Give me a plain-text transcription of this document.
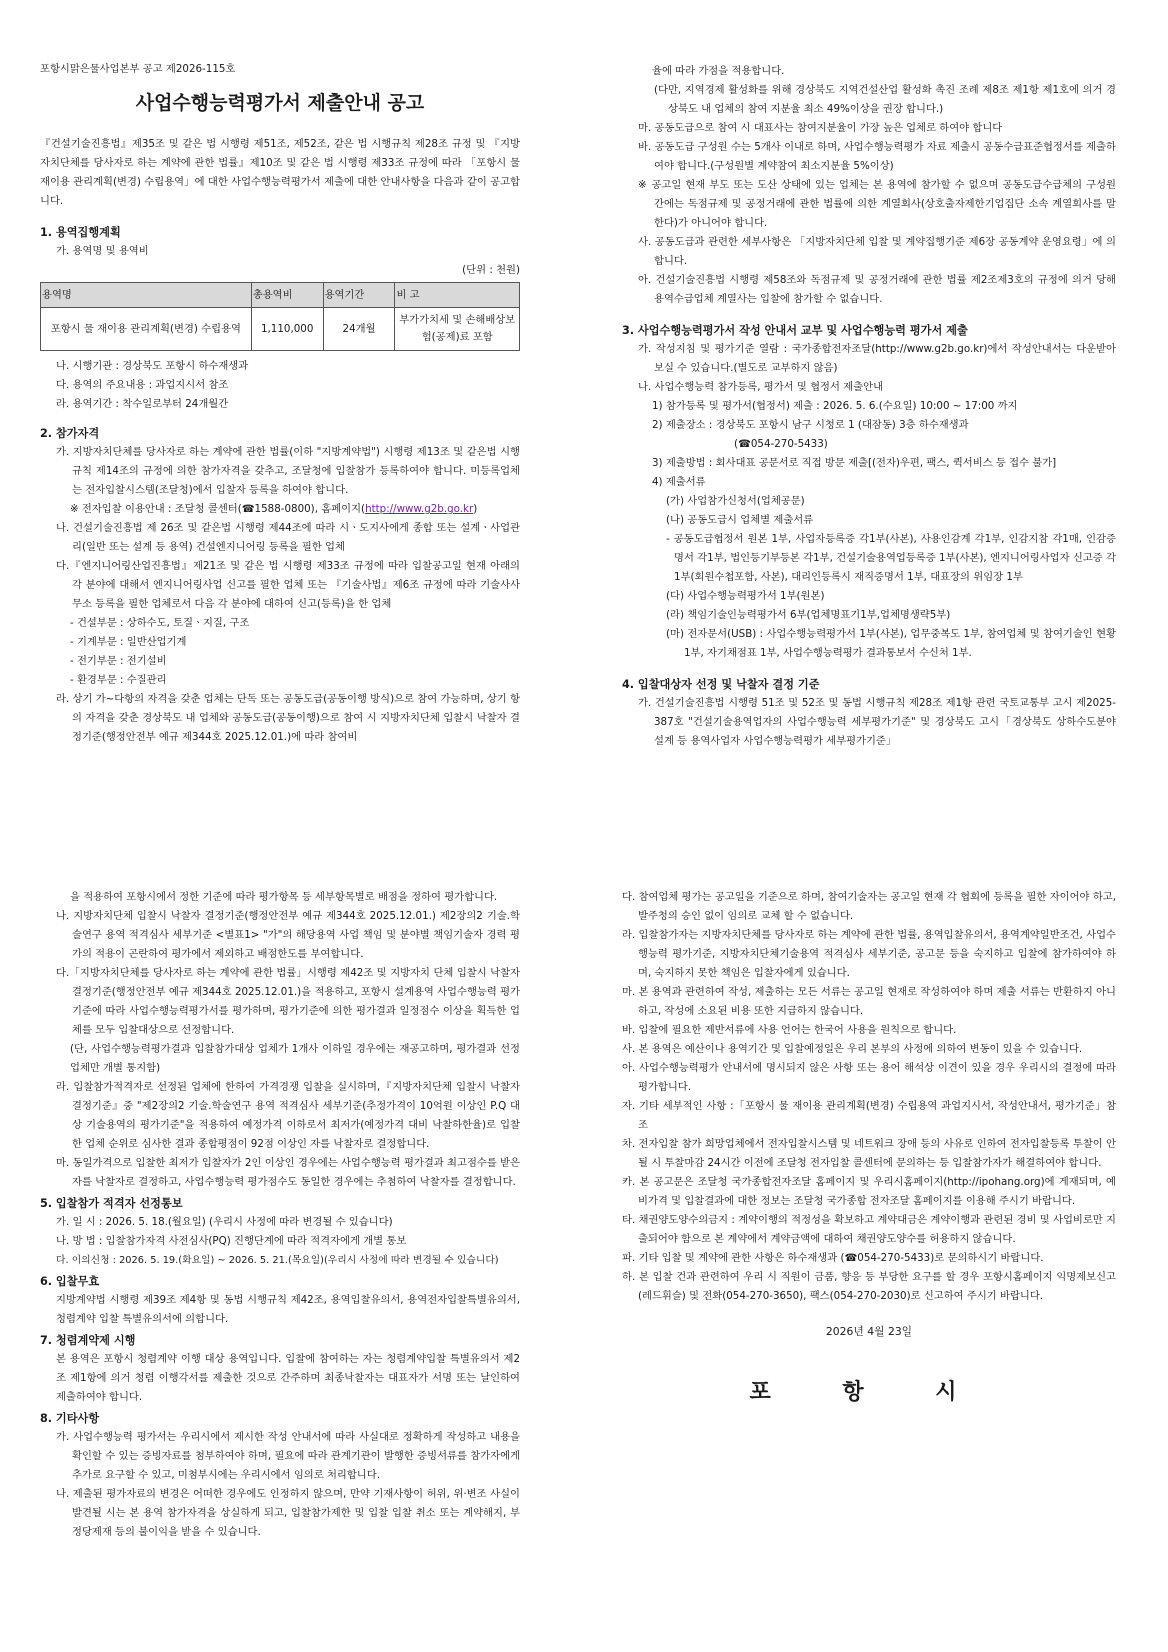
포항시맑은물사업본부 공고 제2026-115호

사업수행능력평가서 제출안내 공고

『건설기술진흥법』제35조 및 같은 법 시행령 제51조, 제52조, 같은 법 시행규칙 제28조 규정 및 『지방자치단체를 당사자로 하는 계약에 관한 법률』제10조 및 같은 법 시행령 제33조 규정에 따라 「포항시 물 재이용 관리계획(변경) 수립용역」에 대한 사업수행능력평가서 제출에 대한 안내사항을 다음과 같이 공고합니다.

1. 용역집행계획

가. 용역명 및 용역비

(단위 : 천원)

용역명	총용역비	용역기간	비 고
포항시 물 재이용 관리계획(변경) 수립용역	1,110,000	24개월	부가가치세 및 손해배상보험(공제)료 포함

나. 시행기관 : 경상북도 포항시 하수재생과

다. 용역의 주요내용 : 과업지시서 참조

라. 용역기간 : 착수일로부터 24개월간

2. 참가자격

가. 지방자치단체를 당사자로 하는 계약에 관한 법률(이하 "지방계약법") 시행령 제13조 및 같은법 시행규칙 제14조의 규정에 의한 참가자격을 갖추고, 조달청에 입찰참가 등록하여야 합니다. 미등록업체는 전자입찰시스템(조달청)에서 입찰자 등록을 하여야 합니다.

※ 전자입찰 이용안내 : 조달청 콜센터(☎1588-0800), 홈페이지(http://www.g2b.go.kr)

나. 건설기술진흥법 제 26조 및 같은법 시행령 제44조에 따라 시ㆍ도지사에게 종합 또는 설계ㆍ사업관리(일반 또는 설계 등 용역) 건설엔지니어링 등록을 필한 업체

다.『엔지니어링산업진흥법』제21조 및 같은 법 시행령 제33조 규정에 따라 입찰공고일 현재 아래의 각 분야에 대해서 엔지니어링사업 신고를 필한 업체 또는 『기술사법』제6조 규정에 따라 기술사사무소 등록을 필한 업체로서 다음 각 분야에 대하여 신고(등록)을 한 업체

- 건설부문 : 상하수도, 토질ㆍ지질, 구조

- 기계부문 : 일반산업기계

- 전기부문 : 전기설비

- 환경부문 : 수질관리

라. 상기 가~다항의 자격을 갖춘 업체는 단독 또는 공동도급(공동이행 방식)으로 참여 가능하며, 상기 항의 자격을 갖춘 경상북도 내 업체와 공동도급(공동이행)으로 참여 시 지방자치단체 입찰시 낙찰자 결정기준(행정안전부 예규 제344호 2025.12.01.)에 따라 참여비

율에 따라 가점을 적용합니다.

(다만, 지역경제 활성화를 위해 경상북도 지역건설산업 활성화 촉진 조례 제8조 제1항 제1호에 의거 경상북도 내 업체의 참여 지분율 최소 49%이상을 권장 합니다.)

마. 공동도급으로 참여 시 대표사는 참여지분율이 가장 높은 업체로 하여야 합니다

바. 공동도급 구성원 수는 5개사 이내로 하며, 사업수행능력평가 자료 제출시 공동수급표준협정서를 제출하여야 합니다.(구성원별 계약참여 최소지분율 5%이상)

※ 공고일 현재 부도 또는 도산 상태에 있는 업체는 본 용역에 참가할 수 없으며 공동도급수급체의 구성원 간에는 독점규제 및 공정거래에 관한 법률에 의한 계열회사(상호출자제한기업집단 소속 계열회사를 말한다)가 아니어야 합니다.

사. 공동도급과 관련한 세부사항은 「지방자치단체 입찰 및 계약집행기준 제6장 공동계약 운영요령」에 의합니다.

아. 건설기술진흥법 시행령 제58조와 독점규제 및 공정거래에 관한 법률 제2조제3호의 규정에 의거 당해 용역수급업체 계열사는 입찰에 참가할 수 없습니다.

3. 사업수행능력평가서 작성 안내서 교부 및 사업수행능력 평가서 제출

가. 작성지침 및 평가기준 열람 : 국가종합전자조달(http://www.g2b.go.kr)에서 작성안내서는 다운받아 보실 수 있습니다.(별도로 교부하지 않음)

나. 사업수행능력 참가등록, 평가서 및 협정서 제출안내

1) 참가등록 및 평가서(협정서) 제출 : 2026. 5. 6.(수요일) 10:00 ~ 17:00 까지

2) 제출장소 : 경상북도 포항시 남구 시청로 1 (대잠동) 3층 하수재생과

(☎054-270-5433)

3) 제출방법 : 회사대표 공문서로 직접 방문 제출[(전자)우편, 팩스, 퀵서비스 등 접수 불가]

4) 제출서류

(가) 사업참가신청서(업체공문)

(나) 공동도급시 업체별 제출서류

- 공동도급협정서 원본 1부, 사업자등록증 각1부(사본), 사용인감계 각1부, 인감지참 각1매, 인감증명서 각1부, 법인등기부등본 각1부, 건설기술용역업등록증 1부(사본), 엔지니어링사업자 신고증 각1부(회원수첩포함, 사본), 대리인등록시 재직증명서 1부, 대표장의 위임장 1부

(다) 사업수행능력평가서 1부(원본)

(라) 책임기술인능력평가서 6부(업체명표기1부,업체명생략5부)

(마) 전자문서(USB) : 사업수행능력평가서 1부(사본), 업무중복도 1부, 참여업체 및 참여기술인 현황 1부, 자기채점표 1부, 사업수행능력평가 결과통보서 수신처 1부.

4. 입찰대상자 선정 및 낙찰자 결정 기준

가. 건설기술진흥법 시행령 51조 및 52조 및 동법 시행규칙 제28조 제1항 관련 국토교통부 고시 제2025-387호 "건설기술용역업자의 사업수행능력 세부평가기준" 및 경상북도 고시「경상북도 상하수도분야 설계 등 용역사업자 사업수행능력평가 세부평가기준」

을 적용하여 포항시에서 정한 기준에 따라 평가항목 등 세부항목별로 배점을 정하여 평가합니다.

나. 지방자치단체 입찰시 낙찰자 결정기준(행정안전부 예규 제344호 2025.12.01.) 제2장의2 기술.학술연구 용역 적격심사 세부기준 <별표1> "가"의 해당용역 사업 책임 및 분야별 책임기술자 경력 평가의 적용이 곤란하여 평가에서 제외하고 배점한도를 부여합니다.

다.「지방자치단체를 당사자로 하는 계약에 관한 법률」시행령 제42조 및 지방자치 단체 입찰시 낙찰자 결정기준(행정안전부 예규 제344호 2025.12.01.)을 적용하고, 포항시 설계용역 사업수행능력 평가기준에 따라 사업수행능력평가서를 평가하며, 평가기준에 의한 평가결과 일정점수 이상을 획득한 업체를 모두 입찰대상으로 선정합니다.

(단, 사업수행능력평가결과 입찰참가대상 업체가 1개사 이하일 경우에는 재공고하며, 평가결과 선정업체만 개별 통지함)

라. 입찰참가적격자로 선정된 업체에 한하여 가격경쟁 입찰을 실시하며,『지방자치단체 입찰시 낙찰자 결정기준』중 "제2장의2 기술.학술연구 용역 적격심사 세부기준(추정가격이 10억원 이상인 P.Q 대상 기술용역의 평가기준"을 적용하여 예정가격 이하로서 최저가(예정가격 대비 낙찰하한율)로 입찰한 업체 순위로 심사한 결과 종합평점이 92점 이상인 자를 낙찰자로 결정합니다.

마. 동일가격으로 입찰한 최저가 입찰자가 2인 이상인 경우에는 사업수행능력 평가결과 최고점수를 받은 자를 낙찰자로 결정하고, 사업수행능력 평가점수도 동일한 경우에는 추첨하여 낙찰자를 결정합니다.

5. 입찰참가 적격자 선정통보

가. 일 시 : 2026. 5. 18.(월요일) (우리시 사정에 따라 변경될 수 있습니다)

나. 방 법 : 입찰참가자격 사전심사(PQ) 진행단계에 따라 적격자에게 개별 통보

다. 이의신청 : 2026. 5. 19.(화요일) ~ 2026. 5. 21.(목요일)(우리시 사정에 따라 변경될 수 있습니다)

6. 입찰무효

지방계약법 시행령 제39조 제4항 및 동법 시행규칙 제42조, 용역입찰유의서, 용역전자입찰특별유의서, 청렴계약 입찰 특별유의서에 의합니다.

7. 청렴계약제 시행

본 용역은 포항시 청렴계약 이행 대상 용역입니다. 입찰에 참여하는 자는 청렴계약입찰 특별유의서 제2조 제1항에 의거 청렴 이행각서를 제출한 것으로 간주하며 최종낙찰자는 대표자가 서명 또는 날인하여 제출하여야 합니다.

8. 기타사항

가. 사업수행능력 평가서는 우리시에서 제시한 작성 안내서에 따라 사실대로 정확하게 작성하고 내용을 확인할 수 있는 증빙자료를 첨부하여야 하며, 필요에 따라 관계기관이 발행한 증빙서류를 참가자에게 추가로 요구할 수 있고, 미첨부시에는 우리시에서 임의로 처리합니다.

나. 제출된 평가자료의 변경은 어떠한 경우에도 인정하지 않으며, 만약 기재사항이 허위, 위·변조 사실이 발견될 시는 본 용역 참가자격을 상실하게 되고, 입찰참가제한 및 입찰 입찰 취소 또는 계약해지, 부정당제재 등의 불이익을 받을 수 있습니다.

다. 참여업체 평가는 공고일을 기준으로 하며, 참여기술자는 공고일 현재 각 협회에 등록을 필한 자이어야 하고, 발주청의 승인 없이 임의로 교체 할 수 없습니다.

라. 입찰참가자는 지방자치단체를 당사자로 하는 계약에 관한 법률, 용역입찰유의서, 용역계약일반조건, 사업수행능력 평가기준, 지방자치단체기술용역 적격심사 세부기준, 공고문 등을 숙지하고 입찰에 참가하여야 하며, 숙지하지 못한 책임은 입찰자에게 있습니다.

마. 본 용역과 관련하여 작성, 제출하는 모든 서류는 공고일 현재로 작성하여야 하며 제출 서류는 반환하지 아니하고, 작성에 소요된 비용 또한 지급하지 않습니다.

바. 입찰에 필요한 제반서류에 사용 언어는 한국어 사용을 원칙으로 합니다.

사. 본 용역은 예산이나 용역기간 및 입찰예정일은 우리 본부의 사정에 의하여 변동이 있을 수 있습니다.

아. 사업수행능력평가 안내서에 명시되지 않은 사항 또는 용어 해석상 이견이 있을 경우 우리시의 결정에 따라 평가합니다.

자. 기타 세부적인 사항 :「포항시 물 재이용 관리계획(변경) 수립용역 과업지시서, 작성안내서, 평가기준」참조

차. 전자입찰 참가 희망업체에서 전자입찰시스템 및 네트워크 장애 등의 사유로 인하여 전자입찰등록 투찰이 안 될 시 투찰마감 24시간 이전에 조달청 전자입찰 콜센터에 문의하는 등 입찰참가자가 해결하여야 합니다.

카. 본 공고문은 조달청 국가종합전자조달 홈페이지 및 우리시홈페이지(http://ipohang.org)에 게재되며, 예비가격 및 입찰결과에 대한 정보는 조달청 국가종합 전자조달 홈페이지를 이용해 주시기 바랍니다.

타. 채권양도양수의금지 : 계약이행의 적정성을 확보하고 계약대금은 계약이행과 관련된 경비 및 사업비로만 지출되어야 함으로 본 계약에서 계약금액에 대하여 채권양도양수를 허용하지 않습니다.

파. 기타 입찰 및 계약에 관한 사항은 하수재생과 (☎054-270-5433)로 문의하시기 바랍니다.

하. 본 입찰 건과 관련하여 우리 시 직원이 금품, 향응 등 부당한 요구를 할 경우 포항시홈페이지 익명제보신고(레드휘슬) 및 전화(054-270-3650), 팩스(054-270-2030)로 신고하여 주시기 바랍니다.

2026년 4월 23일

포 항 시
